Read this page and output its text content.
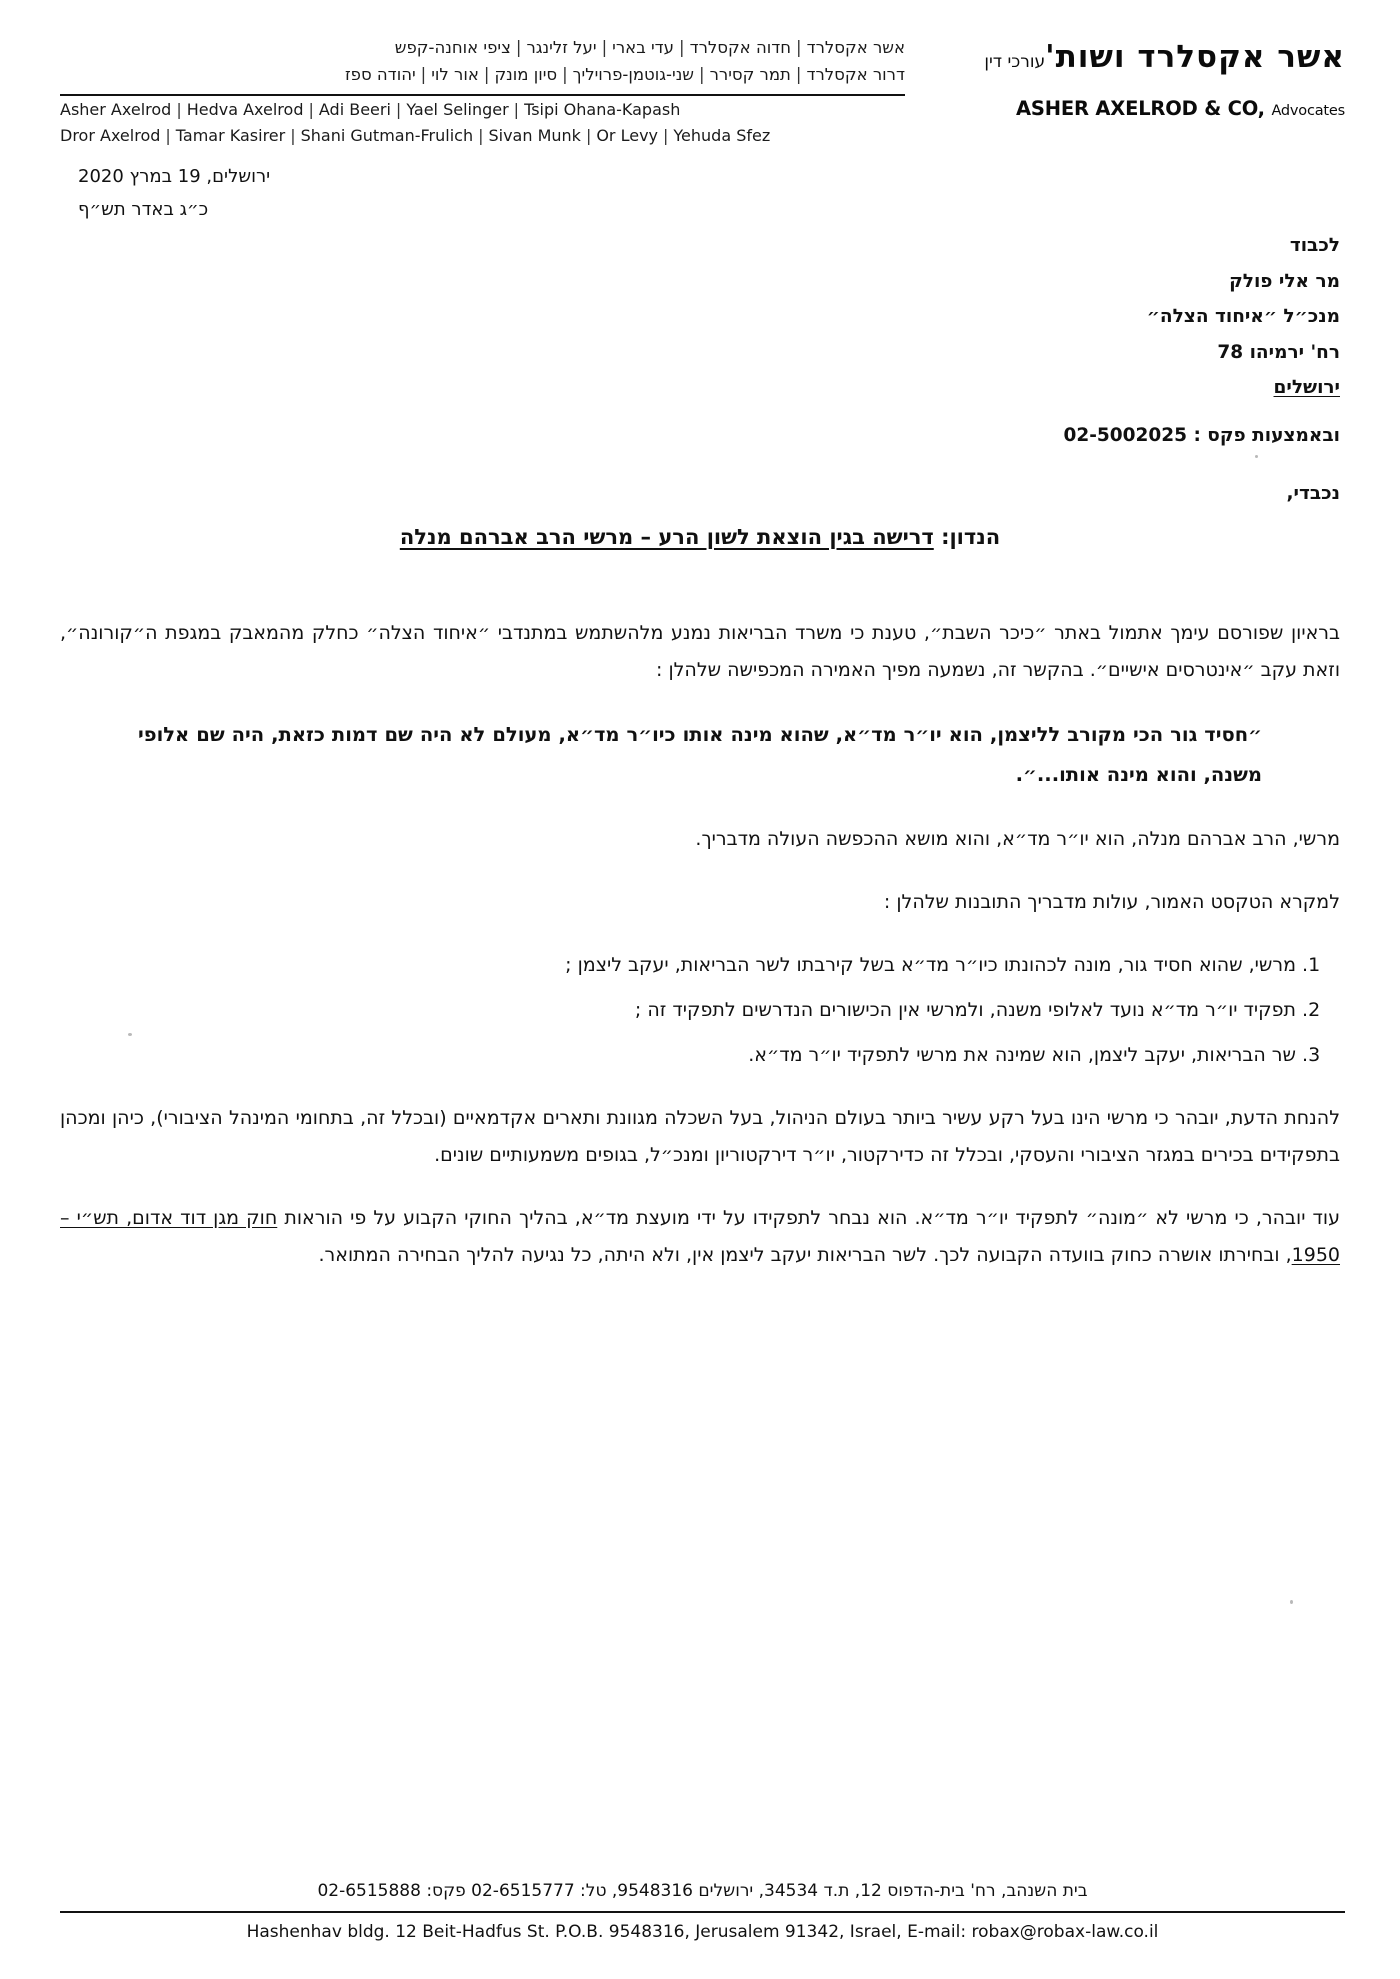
אשר אקסלרד ושות'עורכי דין
ASHER AXELROD & CO, Advocates
אשר אקסלרד|חדוה אקסלרד|עדי בארי|יעל זלינגר|ציפי אוחנה-קפש
דרור אקסלרד|תמר קסירר|שני-גוטמן-פרויליך|סיון מונק|אור לוי|יהודה ספז
Asher Axelrod | Hedva Axelrod | Adi Beeri | Yael Selinger | Tsipi Ohana-Kapash
Dror Axelrod | Tamar Kasirer | Shani Gutman-Frulich | Sivan Munk | Or Levy | Yehuda Sfez
ירושלים, 19 במרץ 2020
כ״ג באדר תש״ף
לכבוד
מר אלי פולק
מנכ״ל ״איחוד הצלה״
רח' ירמיהו 78
ירושלים
ובאמצעות פקס : 02-5002025
נכבדי,
הנדון: דרישה בגין הוצאת לשון הרע – מרשי הרב אברהם מנלה

בראיון שפורסם עימך אתמול באתר ״כיכר השבת״, טענת כי משרד הבריאות נמנע מלהשתמש במתנדבי ״איחוד הצלה״ כחלק מהמאבק במגפת ה״קורונה״, וזאת עקב ״אינטרסים אישיים״. בהקשר זה, נשמעה מפיך האמירה המכפישה שלהלן :

״חסיד גור הכי מקורב לליצמן, הוא יו״ר מד״א, שהוא מינה אותו כיו״ר מד״א, מעולם לא היה שם דמות כזאת, היה שם אלופי משנה, והוא מינה אותו...״.

מרשי, הרב אברהם מנלה, הוא יו״ר מד״א, והוא מושא ההכפשה העולה מדבריך.

למקרא הטקסט האמור, עולות מדבריך התובנות שלהלן :

1. מרשי, שהוא חסיד גור, מונה לכהונתו כיו״ר מד״א בשל קירבתו לשר הבריאות, יעקב ליצמן ;
2. תפקיד יו״ר מד״א נועד לאלופי משנה, ולמרשי אין הכישורים הנדרשים לתפקיד זה ;
3. שר הבריאות, יעקב ליצמן, הוא שמינה את מרשי לתפקיד יו״ר מד״א.

להנחת הדעת, יובהר כי מרשי הינו בעל רקע עשיר ביותר בעולם הניהול, בעל השכלה מגוונת ותארים אקדמאיים (ובכלל זה, בתחומי המינהל הציבורי), כיהן ומכהן בתפקידים בכירים במגזר הציבורי והעסקי, ובכלל זה כדירקטור, יו״ר דירקטוריון ומנכ״ל, בגופים משמעותיים שונים.

עוד יובהר, כי מרשי לא ״מונה״ לתפקיד יו״ר מד״א. הוא נבחר לתפקידו על ידי מועצת מד״א, בהליך החוקי הקבוע על פי הוראות חוק מגן דוד אדום, תש״י – 1950, ובחירתו אושרה כחוק בוועדה הקבועה לכך. לשר הבריאות יעקב ליצמן אין, ולא היתה, כל נגיעה להליך הבחירה המתואר.

בית השנהב, רח' בית-הדפוס 12, ת.ד 34534, ירושלים 9548316, טל: 02-6515777 פקס: 02-6515888
Hashenhav bldg. 12 Beit-Hadfus St. P.O.B. 9548316, Jerusalem 91342, Israel, E-mail: robax@robax-law.co.il
